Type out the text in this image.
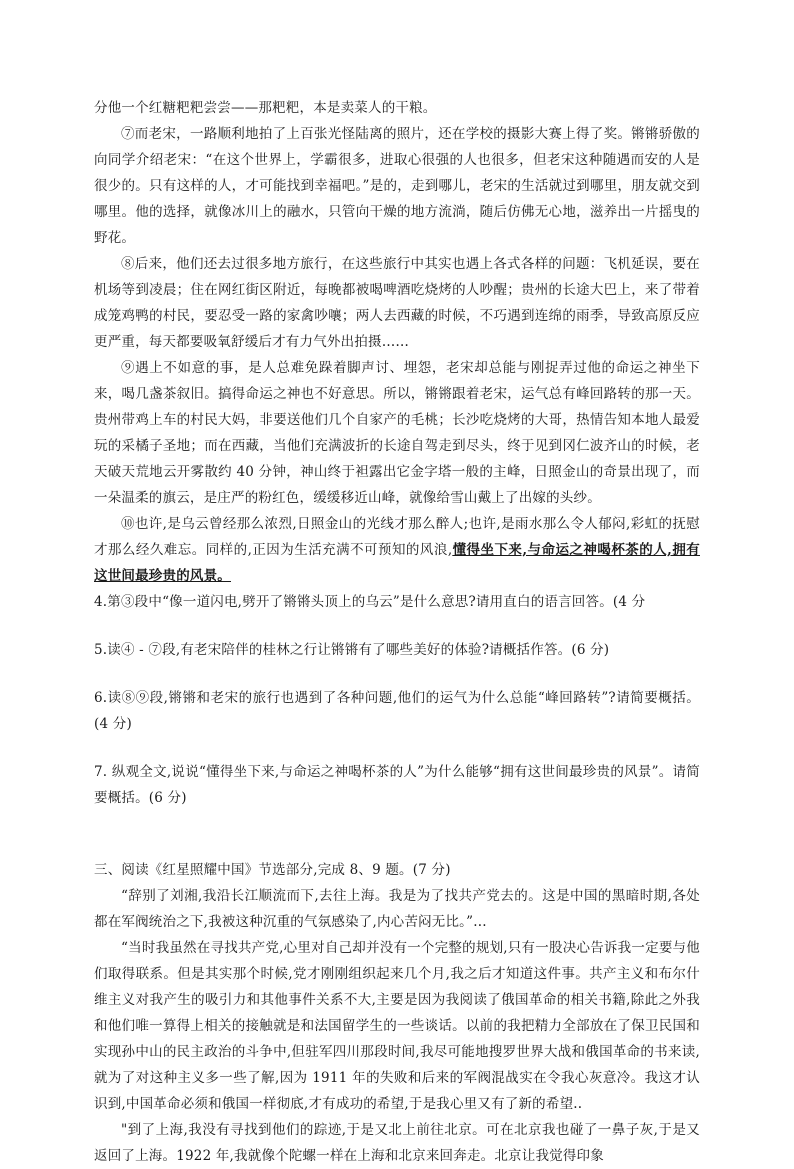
分他一个红糖粑粑尝尝——那粑粑，本是卖菜人的干粮。

⑦而老宋，一路顺利地拍了上百张光怪陆离的照片，还在学校的摄影大赛上得了奖。锵锵骄傲的向同学介绍老宋：“在这个世界上，学霸很多，进取心很强的人也很多，但老宋这种随遇而安的人是很少的。只有这样的人，才可能找到幸福吧。”是的，走到哪儿，老宋的生活就过到哪里，朋友就交到哪里。他的选择，就像冰川上的融水，只管向干燥的地方流淌，随后仿佛无心地，滋养出一片摇曳的野花。

⑧后来，他们还去过很多地方旅行，在这些旅行中其实也遇上各式各样的问题：飞机延误，要在机场等到凌晨；住在网红街区附近，每晚都被喝啤酒吃烧烤的人吵醒；贵州的长途大巴上，来了带着成笼鸡鸭的村民，要忍受一路的家禽吵嚷；两人去西藏的时候，不巧遇到连绵的雨季，导致高原反应更严重，每天都要吸氧舒缓后才有力气外出拍摄……

⑨遇上不如意的事，是人总难免跺着脚声讨、埋怨，老宋却总能与刚捉弄过他的命运之神坐下来，喝几盏茶叙旧。搞得命运之神也不好意思。所以，锵锵跟着老宋，运气总有峰回路转的那一天。贵州带鸡上车的村民大妈，非要送他们几个自家产的毛桃；长沙吃烧烤的大哥，热情告知本地人最爱玩的采橘子圣地；而在西藏，当他们充满波折的长途自驾走到尽头，终于见到冈仁波齐山的时候，老天破天荒地云开雾散约 40 分钟，神山终于袒露出它金字塔一般的主峰，日照金山的奇景出现了，而一朵温柔的旗云，是庄严的粉红色，缓缓移近山峰，就像给雪山戴上了出嫁的头纱。

⑩也许,是乌云曾经那么浓烈,日照金山的光线才那么醉人;也许,是雨水那么令人郁闷,彩虹的抚慰才那么经久难忘。同样的,正因为生活充满不可预知的风浪,懂得坐下来,与命运之神喝杯茶的人,拥有这世间最珍贵的风景。

4.第③段中“像一道闪电,劈开了锵锵头顶上的乌云”是什么意思?请用直白的语言回答。(4 分

5.读④ - ⑦段,有老宋陪伴的桂林之行让锵锵有了哪些美好的体验?请概括作答。(6 分)

6.读⑧⑨段,锵锵和老宋的旅行也遇到了各种问题,他们的运气为什么总能“峰回路转”?请简要概括。(4 分)

7. 纵观全文,说说“懂得坐下来,与命运之神喝杯茶的人”为什么能够“拥有这世间最珍贵的风景”。请简要概括。(6 分)

三、阅读《红星照耀中国》节选部分,完成 8、9 题。(7 分)

“辞别了刘湘,我沿长江顺流而下,去往上海。我是为了找共产党去的。这是中国的黑暗时期,各处都在军阀统治之下,我被这种沉重的气氛感染了,内心苦闷无比。”...

“当时我虽然在寻找共产党,心里对自己却并没有一个完整的规划,只有一股决心告诉我一定要与他们取得联系。但是其实那个时候,党才刚刚组织起来几个月,我之后才知道这件事。共产主义和布尔什维主义对我产生的吸引力和其他事件关系不大,主要是因为我阅读了俄国革命的相关书籍,除此之外我和他们唯一算得上相关的接触就是和法国留学生的一些谈话。以前的我把精力全部放在了保卫民国和实现孙中山的民主政治的斗争中,但驻军四川那段时间,我尽可能地搜罗世界大战和俄国革命的书来读,就为了对这种主义多一些了解,因为 1911 年的失败和后来的军阀混战实在令我心灰意冷。我这才认识到,中国革命必须和俄国一样彻底,才有成功的希望,于是我心里又有了新的希望..

"到了上海,我没有寻找到他们的踪迹,于是又北上前往北京。可在北京我也碰了一鼻子灰,于是又返回了上海。1922 年,我就像个陀螺一样在上海和北京来回奔走。北京让我觉得印象
